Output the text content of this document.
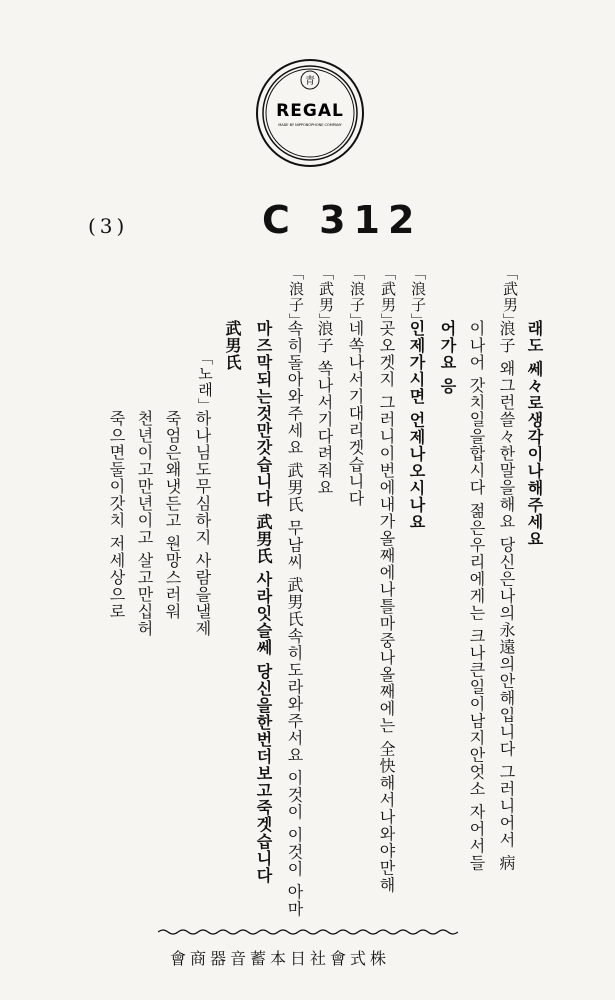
青
REGAL
MADE BY NIPPONOPHONE COMPANY
(3)	C 312
「武男」
「浪子」
「武男」
「浪子」
「武男」
「浪子」
「노래」	래도 쎄々로생각이나해주세요
浪子 왜그런쓸々한말을해요 당신은나의永遠의안해입니다 그러니어서 病
이나어 갓치일을합시다 젊은우리에게는 크나큰일이남지안엇소 자어서들
어가요 응
인제가시면 언제나오시나요
곳오겟지 그러니이번에내가올째에나틀마중나올째에는 全快해서나와야만해
네쏙나서기대리겟습니다
浪子 쏙나서기다려줘요
속히돌아와주세요 武男氏 무남씨 武男氏속히도라와주서요 이것이 이것이 아마
마즈막되는것만갓습니다 武男氏 사라잇슬쎄 당신을한번더보고죽겟습니다
武男氏
하나님도무심하지 사람을낼제
죽엄은왜냇든고 원망스러워
천년이고만년이고 살고만십허
죽으면둘이갓치 저세상으로
會商器音蓄本日社會式株
